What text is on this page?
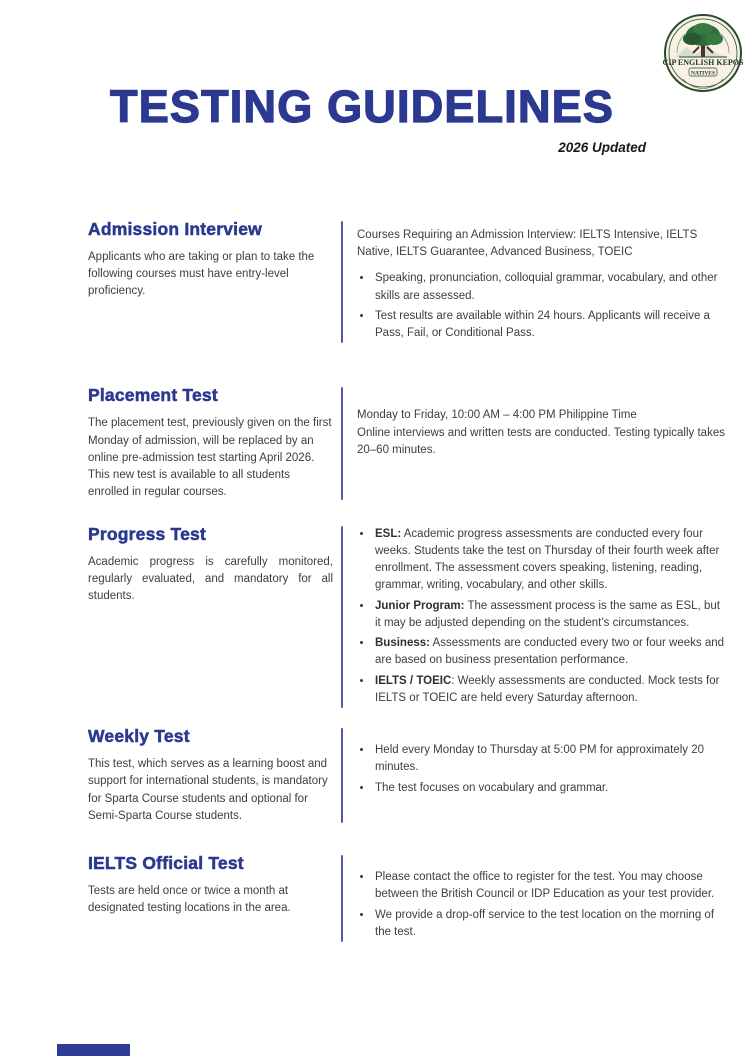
CIP ENGLISH KEPOS
NATIVES
TESTING GUIDELINES
2026 Updated
Admission Interview

Applicants who are taking or plan to take the following courses must have entry-level proficiency.

Courses Requiring an Admission Interview: IELTS Intensive, IELTS Native, IELTS Guarantee, Advanced Business, TOEIC
• Speaking, pronunciation, colloquial grammar, vocabulary, and other skills are assessed.
• Test results are available within 24 hours. Applicants will receive a Pass, Fail, or Conditional Pass.
Placement Test

The placement test, previously given on the first Monday of admission, will be replaced by an online pre-admission test starting April 2026. This new test is available to all students enrolled in regular courses.

Monday to Friday, 10:00 AM – 4:00 PM Philippine Time
Online interviews and written tests are conducted. Testing typically takes 20–60 minutes.
Progress Test

Academic progress is carefully monitored, regularly evaluated, and mandatory for all students.

• ESL: Academic progress assessments are conducted every four weeks. Students take the test on Thursday of their fourth week after enrollment. The assessment covers speaking, listening, reading, grammar, writing, vocabulary, and other skills.
• Junior Program: The assessment process is the same as ESL, but it may be adjusted depending on the student’s circumstances.
• Business: Assessments are conducted every two or four weeks and are based on business presentation performance.
• IELTS / TOEIC: Weekly assessments are conducted. Mock tests for IELTS or TOEIC are held every Saturday afternoon.
Weekly Test

This test, which serves as a learning boost and support for international students, is mandatory for Sparta Course students and optional for Semi-Sparta Course students.

• Held every Monday to Thursday at 5:00 PM for approximately 20 minutes.
• The test focuses on vocabulary and grammar.
IELTS Official Test

Tests are held once or twice a month at designated testing locations in the area.

• Please contact the office to register for the test. You may choose between the British Council or IDP Education as your test provider.
• We provide a drop-off service to the test location on the morning of the test.
